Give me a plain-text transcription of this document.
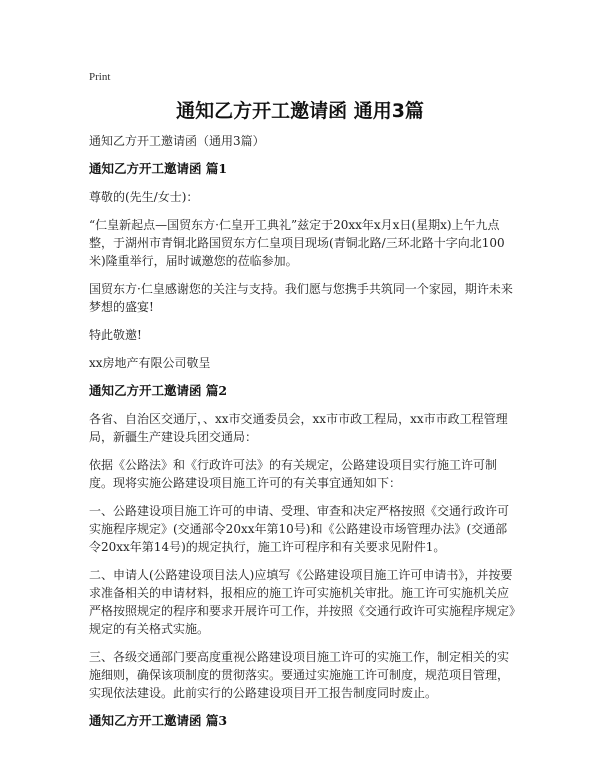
Print
通知乙方开工邀请函 通用3篇

通知乙方开工邀请函（通用3篇）

通知乙方开工邀请函 篇1

尊敬的(先生/女士)：

“仁皇新起点—国贸东方·仁皇开工典礼”兹定于20xx年x月x日(星期x)上午九点整，于湖州市青铜北路国贸东方仁皇项目现场(青铜北路/三环北路十字向北100米)隆重举行，届时诚邀您的莅临参加。

国贸东方·仁皇感谢您的关注与支持。我们愿与您携手共筑同一个家园，期许未来梦想的盛宴!

特此敬邀!

xx房地产有限公司敬呈

通知乙方开工邀请函 篇2

各省、自治区交通厅，、xx市交通委员会，xx市市政工程局，xx市市政工程管理局，新疆生产建设兵团交通局：

依据《公路法》和《行政许可法》的有关规定，公路建设项目实行施工许可制度。现将实施公路建设项目施工许可的有关事宜通知如下：

一、公路建设项目施工许可的申请、受理、审查和决定严格按照《交通行政许可实施程序规定》(交通部令20xx年第10号)和《公路建设市场管理办法》(交通部令20xx年第14号)的规定执行，施工许可程序和有关要求见附件1。

二、申请人(公路建设项目法人)应填写《公路建设项目施工许可申请书》，并按要求准备相关的申请材料，报相应的施工许可实施机关审批。施工许可实施机关应严格按照规定的程序和要求开展许可工作，并按照《交通行政许可实施程序规定》规定的有关格式实施。

三、各级交通部门要高度重视公路建设项目施工许可的实施工作，制定相关的实施细则，确保该项制度的贯彻落实。要通过实施施工许可制度，规范项目管理，实现依法建设。此前实行的公路建设项目开工报告制度同时废止。

通知乙方开工邀请函 篇3
